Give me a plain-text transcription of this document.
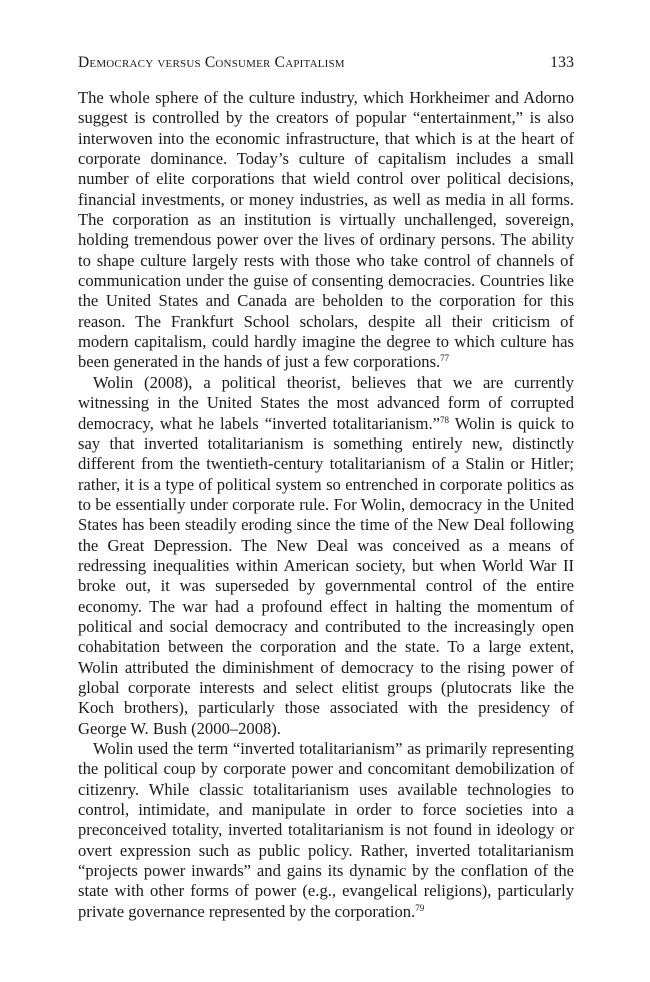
Democracy versus Consumer Capitalism	133

The whole sphere of the culture industry, which Horkheimer and Adorno suggest is controlled by the creators of popular “entertainment,” is also interwoven into the economic infrastructure, that which is at the heart of corporate dominance. Today’s culture of capitalism includes a small number of elite corporations that wield control over political decisions, financial investments, or money industries, as well as media in all forms. The corporation as an institution is virtually unchallenged, sovereign, holding tremendous power over the lives of ordinary persons. The ability to shape culture largely rests with those who take control of channels of communication under the guise of consenting democracies. Countries like the United States and Canada are beholden to the corporation for this reason. The Frankfurt School scholars, despite all their criticism of modern capitalism, could hardly imagine the degree to which culture has been generated in the hands of just a few corporations.$^{77}$

Wolin (2008), a political theorist, believes that we are currently witnessing in the United States the most advanced form of corrupted democracy, what he labels “inverted totalitarianism.”$^{78}$ Wolin is quick to say that inverted totalitarianism is something entirely new, distinctly different from the twentieth-century totalitarianism of a Stalin or Hitler; rather, it is a type of political system so entrenched in corporate politics as to be essentially under corporate rule. For Wolin, democracy in the United States has been steadily eroding since the time of the New Deal following the Great Depression. The New Deal was conceived as a means of redressing inequalities within American society, but when World War II broke out, it was superseded by governmental control of the entire economy. The war had a profound effect in halting the momentum of political and social democracy and contributed to the increasingly open cohabitation between the corporation and the state. To a large extent, Wolin attributed the diminishment of democracy to the rising power of global corporate interests and select elitist groups (plutocrats like the Koch brothers), particularly those associated with the presidency of George W. Bush (2000–2008).

Wolin used the term “inverted totalitarianism” as primarily representing the political coup by corporate power and concomitant demobilization of citizenry. While classic totalitarianism uses available technologies to control, intimidate, and manipulate in order to force societies into a preconceived totality, inverted totalitarianism is not found in ideology or overt expression such as public policy. Rather, inverted totalitarianism “projects power inwards” and gains its dynamic by the conflation of the state with other forms of power (e.g., evangelical religions), particularly private governance represented by the corporation.$^{79}$
